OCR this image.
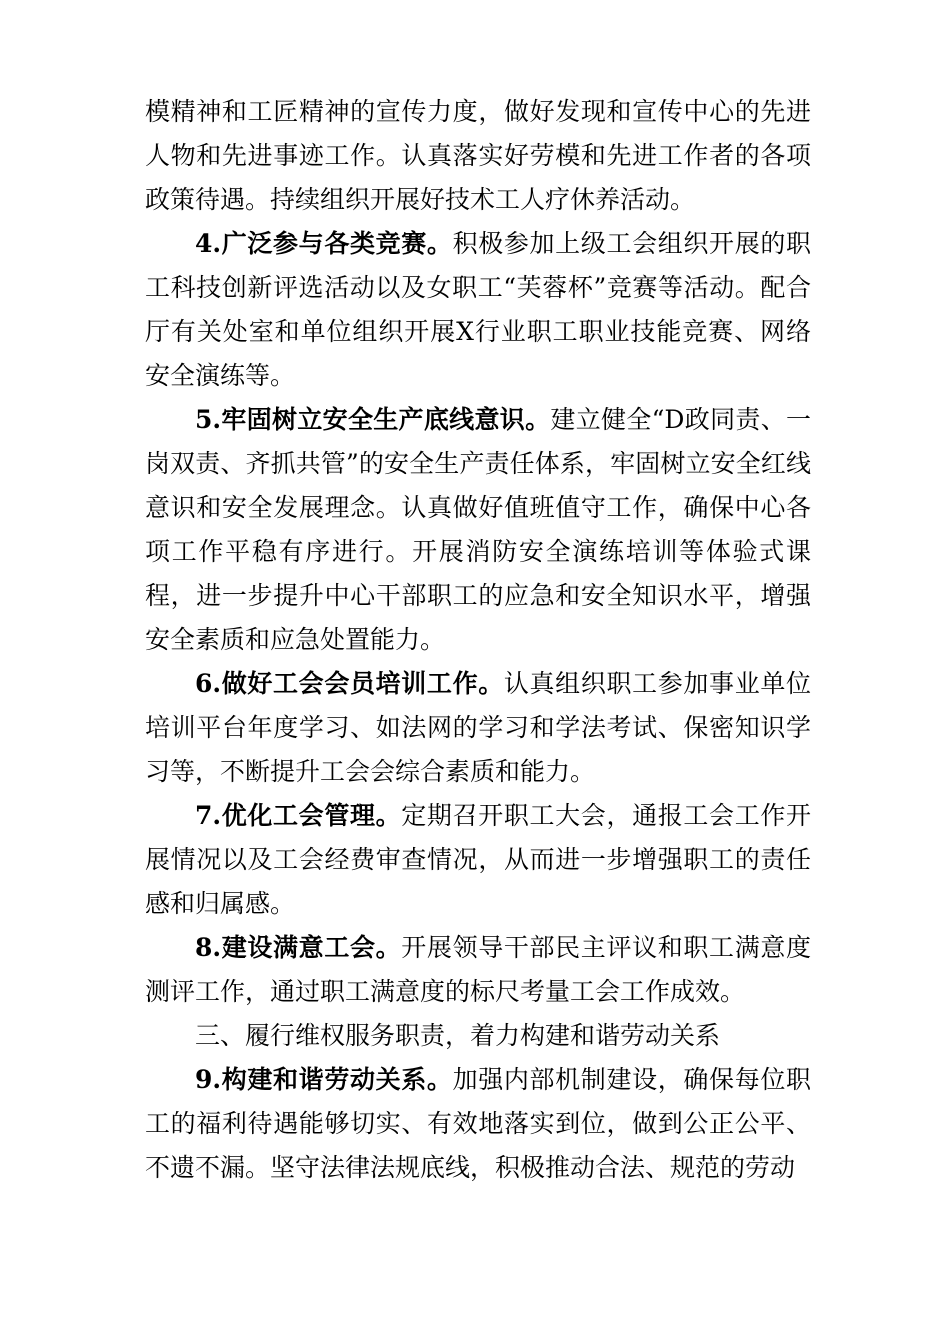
模精神和工匠精神的宣传力度，做好发现和宣传中心的先进人物和先进事迹工作。认真落实好劳模和先进工作者的各项政策待遇。持续组织开展好技术工人疗休养活动。

4.广泛参与各类竞赛。积极参加上级工会组织开展的职工科技创新评选活动以及女职工“芙蓉杯”竞赛等活动。配合厅有关处室和单位组织开展X行业职工职业技能竞赛、网络安全演练等。

5.牢固树立安全生产底线意识。建立健全“D政同责、一岗双责、齐抓共管”的安全生产责任体系，牢固树立安全红线意识和安全发展理念。认真做好值班值守工作，确保中心各项工作平稳有序进行。开展消防安全演练培训等体验式课程，进一步提升中心干部职工的应急和安全知识水平，增强安全素质和应急处置能力。

6.做好工会会员培训工作。认真组织职工参加事业单位培训平台年度学习、如法网的学习和学法考试、保密知识学习等，不断提升工会会综合素质和能力。

7.优化工会管理。定期召开职工大会，通报工会工作开展情况以及工会经费审查情况，从而进一步增强职工的责任感和归属感。

8.建设满意工会。开展领导干部民主评议和职工满意度测评工作，通过职工满意度的标尺考量工会工作成效。

三、履行维权服务职责，着力构建和谐劳动关系

9.构建和谐劳动关系。加强内部机制建设，确保每位职工的福利待遇能够切实、有效地落实到位，做到公正公平、不遗不漏。坚守法律法规底线，积极推动合法、规范的劳动
